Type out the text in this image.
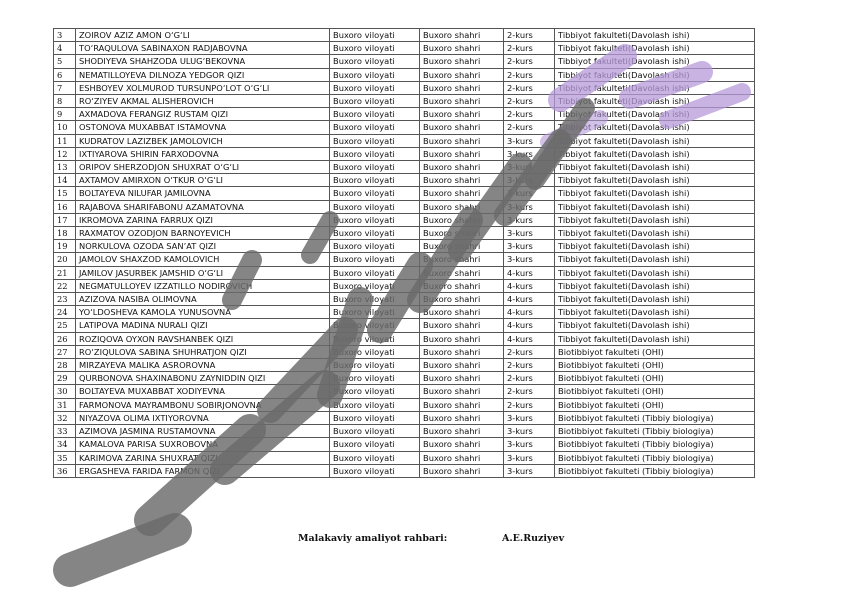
3	ZOIROV AZIZ AMON O‘G‘LI	Buxoro viloyati	Buxoro shahri	2-kurs	Tibbiyot fakulteti(Davolash ishi)
4	TO‘RAQULOVA SABINAXON RADJABOVNA	Buxoro viloyati	Buxoro shahri	2-kurs	Tibbiyot fakulteti(Davolash ishi)
5	SHODIYEVA SHAHZODA ULUG‘BEKOVNA	Buxoro viloyati	Buxoro shahri	2-kurs	Tibbiyot fakulteti(Davolash ishi)
6	NEMATILLOYEVA DILNOZA YEDGOR QIZI	Buxoro viloyati	Buxoro shahri	2-kurs	Tibbiyot fakulteti(Davolash ishi)
7	ESHBOYEV XOLMUROD TURSUNPO‘LOT O‘G‘LI	Buxoro viloyati	Buxoro shahri	2-kurs	Tibbiyot fakulteti(Davolash ishi)
8	RO‘ZIYEV AKMAL ALISHEROVICH	Buxoro viloyati	Buxoro shahri	2-kurs	Tibbiyot fakulteti(Davolash ishi)
9	AXMADOVA FERANGIZ RUSTAM QIZI	Buxoro viloyati	Buxoro shahri	2-kurs	Tibbiyot fakulteti(Davolash ishi)
10	OSTONOVA MUXABBAT ISTAMOVNA	Buxoro viloyati	Buxoro shahri	2-kurs	Tibbiyot fakulteti(Davolash ishi)
11	KUDRATOV LAZIZBEK JAMOLOVICH	Buxoro viloyati	Buxoro shahri	3-kurs	Tibbiyot fakulteti(Davolash ishi)
12	IXTIYAROVA SHIRIN FARXODOVNA	Buxoro viloyati	Buxoro shahri	3-kurs	Tibbiyot fakulteti(Davolash ishi)
13	ORIPOV SHERZODJON SHUXRAT O‘G‘LI	Buxoro viloyati	Buxoro shahri	3-kurs	Tibbiyot fakulteti(Davolash ishi)
14	AXTAMOV AMIRXON O‘TKUR O‘G‘LI	Buxoro viloyati	Buxoro shahri	3-kurs	Tibbiyot fakulteti(Davolash ishi)
15	BOLTAYEVA NILUFAR JAMILOVNA	Buxoro viloyati	Buxoro shahri	3-kurs	Tibbiyot fakulteti(Davolash ishi)
16	RAJABOVA SHARIFABONU AZAMATOVNA	Buxoro viloyati	Buxoro shahri	3-kurs	Tibbiyot fakulteti(Davolash ishi)
17	IKROMOVA ZARINA FARRUX QIZI	Buxoro viloyati	Buxoro shahri	3-kurs	Tibbiyot fakulteti(Davolash ishi)
18	RAXMATOV OZODJON BARNOYEVICH	Buxoro viloyati	Buxoro shahri	3-kurs	Tibbiyot fakulteti(Davolash ishi)
19	NORKULOVA OZODA SAN’AT QIZI	Buxoro viloyati	Buxoro shahri	3-kurs	Tibbiyot fakulteti(Davolash ishi)
20	JAMOLOV SHAXZOD KAMOLOVICH	Buxoro viloyati	Buxoro shahri	3-kurs	Tibbiyot fakulteti(Davolash ishi)
21	JAMILOV JASURBEK JAMSHID O‘G‘LI	Buxoro viloyati	Buxoro shahri	4-kurs	Tibbiyot fakulteti(Davolash ishi)
22	NEGMATULLOYEV IZZATILLO NODIROVICH	Buxoro viloyati	Buxoro shahri	4-kurs	Tibbiyot fakulteti(Davolash ishi)
23	AZIZOVA NASIBA OLIMOVNA	Buxoro viloyati	Buxoro shahri	4-kurs	Tibbiyot fakulteti(Davolash ishi)
24	YO‘LDOSHEVA KAMOLA YUNUSOVNA	Buxoro viloyati	Buxoro shahri	4-kurs	Tibbiyot fakulteti(Davolash ishi)
25	LATIPOVA MADINA NURALI QIZI	Buxoro viloyati	Buxoro shahri	4-kurs	Tibbiyot fakulteti(Davolash ishi)
26	ROZIQOVA OYXON RAVSHANBEK QIZI	Buxoro viloyati	Buxoro shahri	4-kurs	Tibbiyot fakulteti(Davolash ishi)
27	RO‘ZIQULOVA SABINA SHUHRATJON QIZI	Buxoro viloyati	Buxoro shahri	2-kurs	Biotibbiyot fakulteti (OHI)
28	MIRZAYEVA MALIKA ASROROVNA	Buxoro viloyati	Buxoro shahri	2-kurs	Biotibbiyot fakulteti (OHI)
29	QURBONOVA SHAXINABONU ZAYNIDDIN QIZI	Buxoro viloyati	Buxoro shahri	2-kurs	Biotibbiyot fakulteti (OHI)
30	BOLTAYEVA MUXABBAT XODIYEVNA	Buxoro viloyati	Buxoro shahri	2-kurs	Biotibbiyot fakulteti (OHI)
31	FARMONOVA MAYRAMBONU SOBIRJONOVNA	Buxoro viloyati	Buxoro shahri	2-kurs	Biotibbiyot fakulteti (OHI)
32	NIYAZOVA OLIMA IXTIYOROVNA	Buxoro viloyati	Buxoro shahri	3-kurs	Biotibbiyot fakulteti (Tibbiy biologiya)
33	AZIMOVA JASMINA RUSTAMOVNA	Buxoro viloyati	Buxoro shahri	3-kurs	Biotibbiyot fakulteti (Tibbiy biologiya)
34	KAMALOVA PARISA SUXROBOVNA	Buxoro viloyati	Buxoro shahri	3-kurs	Biotibbiyot fakulteti (Tibbiy biologiya)
35	KARIMOVA ZARINA SHUXRAT QIZI	Buxoro viloyati	Buxoro shahri	3-kurs	Biotibbiyot fakulteti (Tibbiy biologiya)
36	ERGASHEVA FARIDA FARMON QIZI	Buxoro viloyati	Buxoro shahri	3-kurs	Biotibbiyot fakulteti (Tibbiy biologiya)
Malakaviy amaliyot rahbari:	A.E.Ruziyev
